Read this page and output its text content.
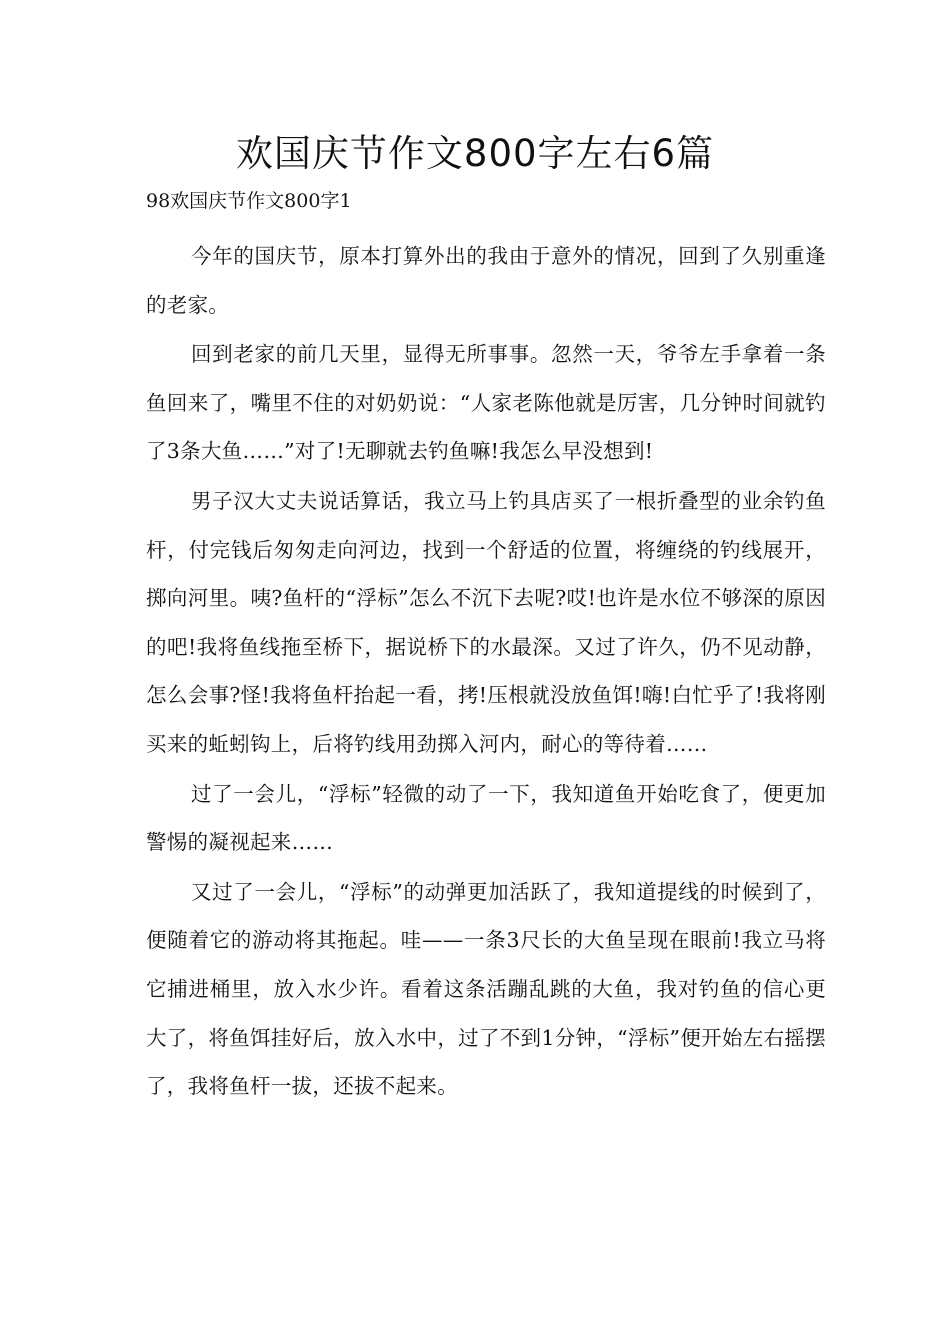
欢国庆节作文800字左右6篇

98欢国庆节作文800字1

今年的国庆节，原本打算外出的我由于意外的情况，回到了久别重逢的老家。

回到老家的前几天里，显得无所事事。忽然一天，爷爷左手拿着一条鱼回来了，嘴里不住的对奶奶说：“人家老陈他就是厉害，几分钟时间就钓了3条大鱼……”对了!无聊就去钓鱼嘛!我怎么早没想到!

男子汉大丈夫说话算话，我立马上钓具店买了一根折叠型的业余钓鱼杆，付完钱后匆匆走向河边，找到一个舒适的位置，将缠绕的钓线展开，掷向河里。咦?鱼杆的“浮标”怎么不沉下去呢?哎!也许是水位不够深的原因的吧!我将鱼线拖至桥下，据说桥下的水最深。又过了许久，仍不见动静，怎么会事?怪!我将鱼杆抬起一看，拷!压根就没放鱼饵!嗨!白忙乎了!我将刚买来的蚯蚓钩上，后将钓线用劲掷入河内，耐心的等待着……

过了一会儿，“浮标”轻微的动了一下，我知道鱼开始吃食了，便更加警惕的凝视起来……

又过了一会儿，“浮标”的动弹更加活跃了，我知道提线的时候到了，便随着它的游动将其拖起。哇——一条3尺长的大鱼呈现在眼前!我立马将它捕进桶里，放入水少许。看着这条活蹦乱跳的大鱼，我对钓鱼的信心更大了，将鱼饵挂好后，放入水中，过了不到1分钟，“浮标”便开始左右摇摆了，我将鱼杆一拔，还拔不起来。
